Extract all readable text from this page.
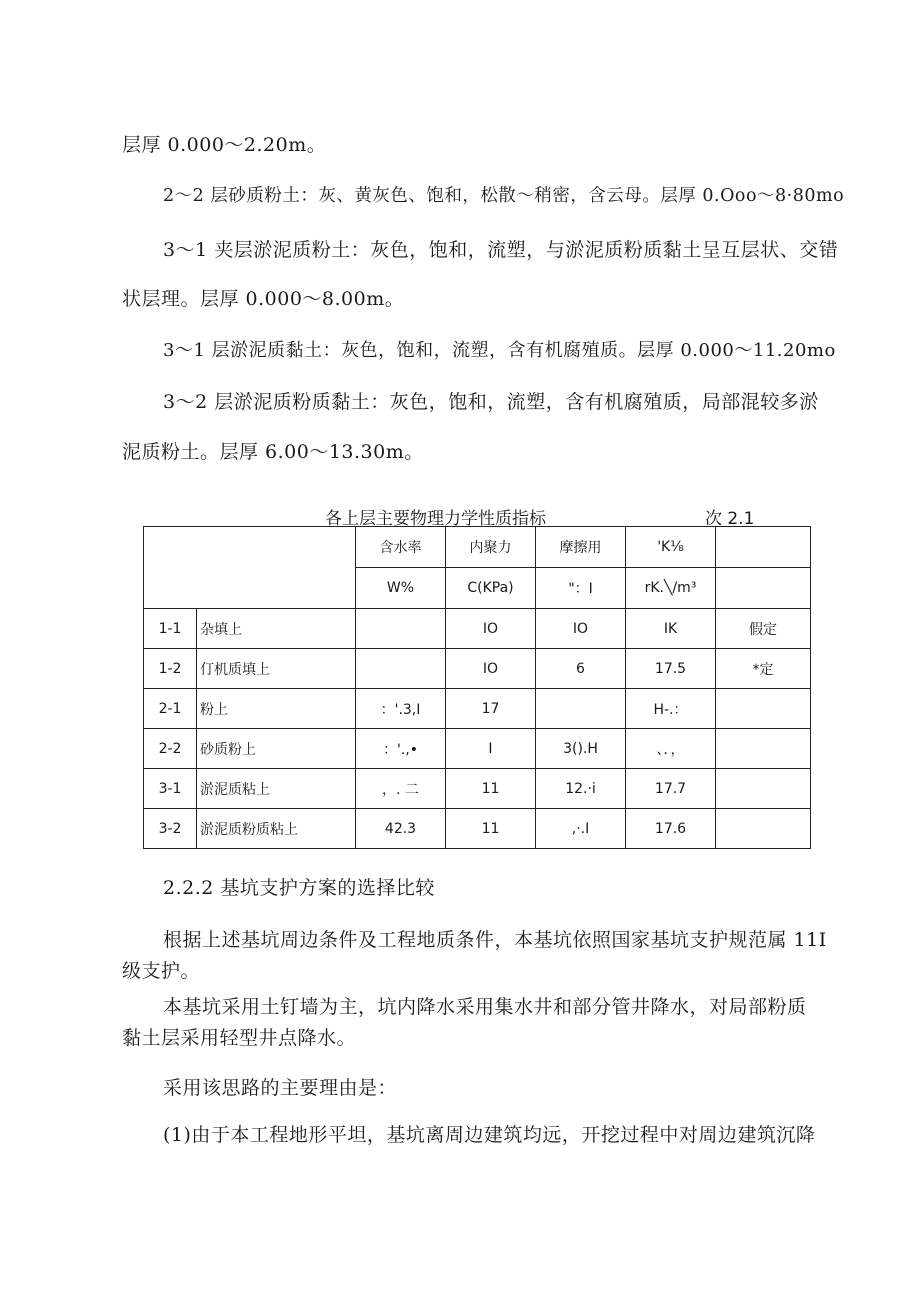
层厚 0.000～2.20m。
2～2 层砂质粉土：灰、黄灰色、饱和，松散～稍密，含云母。层厚 0.Ooo～8·80mo
3～1 夹层淤泥质粉土：灰色，饱和，流塑，与淤泥质粉质黏土呈互层状、交错
状层理。层厚 0.000～8.00m。
3～1 层淤泥质黏土：灰色，饱和，流塑，含有机腐殖质。层厚 0.000～11.20mo
3～2 层淤泥质粉质黏土：灰色，饱和，流塑，含有机腐殖质，局部混较多淤
泥质粉土。层厚 6.00～13.30m。
各上层主要物理力学性质指标	次 2.1
		含水率	内聚力	摩擦用	'K⅛	
		W%	C(KPa)	"：I	rK.╲/m³	
1-1	杂填上		IO	IO	IK	假定
1-2	仃机质填上		IO	6	17.5	*定
2-1	粉上	：'.3,I	17		H-.：	
2-2	砂质粉上	：'.,•	I	3().H	、．，	
3-1	淤泥质粘上	，. 二	11	12.·i	17.7	
3-2	淤泥质粉质粘上	42.3	11	,·.I	17.6	
2.2.2 基坑支护方案的选择比较
根据上述基坑周边条件及工程地质条件，本基坑依照国家基坑支护规范属 11I
级支护。
本基坑采用土钉墙为主，坑内降水采用集水井和部分管井降水，对局部粉质
黏土层采用轻型井点降水。
采用该思路的主要理由是：
(1)由于本工程地形平坦，基坑离周边建筑均远，开挖过程中对周边建筑沉降
